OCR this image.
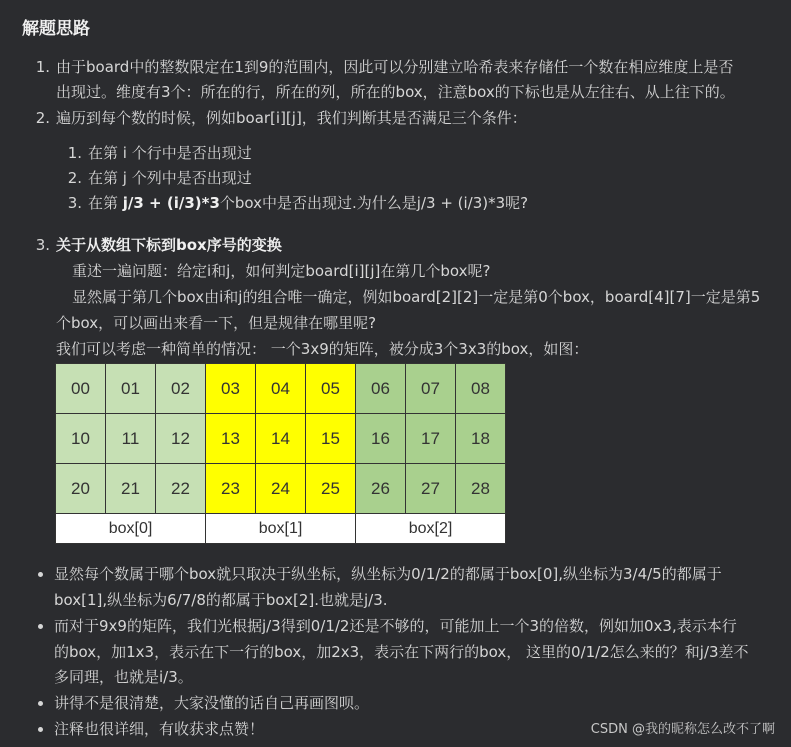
解题思路
1. 由于board中的整数限定在1到9的范围内，因此可以分别建立哈希表来存储任一个数在相应维度上是否
出现过。维度有3个：所在的行，所在的列，所在的box，注意box的下标也是从左往右、从上往下的。
2. 遍历到每个数的时候，例如boar[i][j]，我们判断其是否满足三个条件：
1. 在第 i 个行中是否出现过
2. 在第 j 个列中是否出现过
3. 在第 j/3 + (i/3)*3个box中是否出现过.为什么是j/3 + (i/3)*3呢?
3. 关于从数组下标到box序号的变换
重述一遍问题：给定i和j，如何判定board[i][j]在第几个box呢?
显然属于第几个box由i和j的组合唯一确定，例如board[2][2]一定是第0个box，board[4][7]一定是第5
个box，可以画出来看一下，但是规律在哪里呢?
我们可以考虑一种简单的情况： 一个3x9的矩阵，被分成3个3x3的box，如图：
00	01	02	03	04	05	06	07	08
10	11	12	13	14	15	16	17	18
20	21	22	23	24	25	26	27	28
box[0]			box[1]			box[2]		
显然每个数属于哪个box就只取决于纵坐标，纵坐标为0/1/2的都属于box[0],纵坐标为3/4/5的都属于
box[1],纵坐标为6/7/8的都属于box[2].也就是j/3.
而对于9x9的矩阵，我们光根据j/3得到0/1/2还是不够的，可能加上一个3的倍数，例如加0x3,表示本行
的box，加1x3，表示在下一行的box，加2x3，表示在下两行的box， 这里的0/1/2怎么来的？和j/3差不
多同理，也就是i/3。
讲得不是很清楚，大家没懂的话自己再画图呗。
注释也很详细，有收获求点赞！	CSDN @我的昵称怎么改不了啊
